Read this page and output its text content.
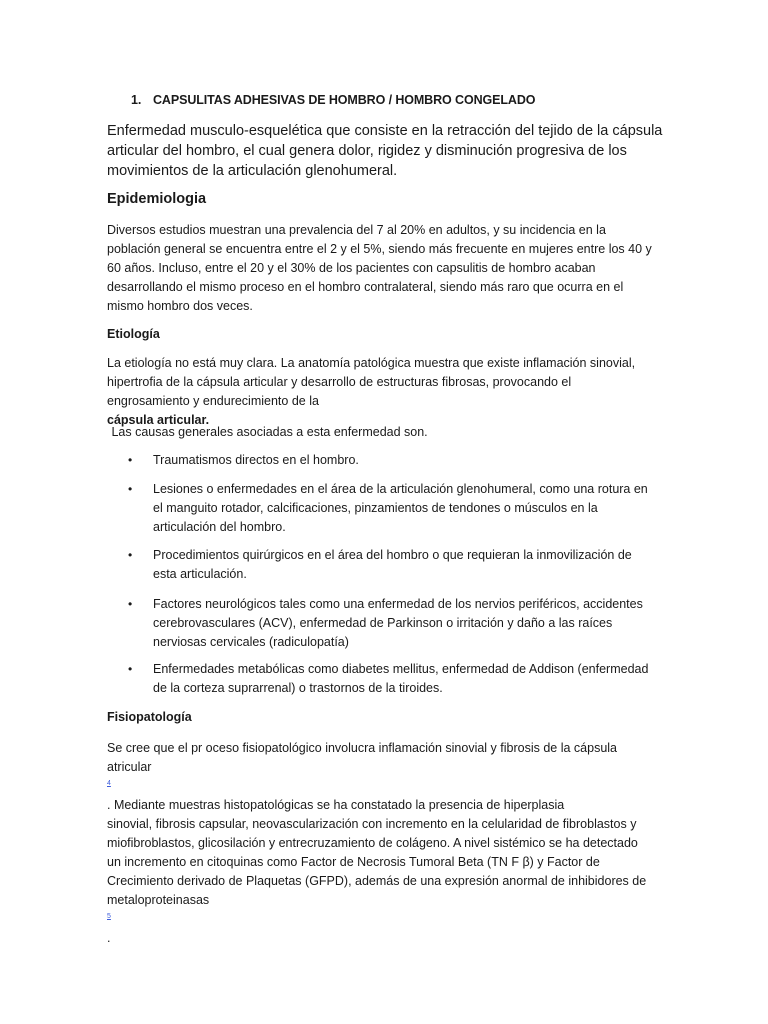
1. CAPSULITAS ADHESIVAS DE HOMBRO / HOMBRO CONGELADO
Enfermedad musculo-esquelética que consiste en la retracción del tejido de la cápsula
articular del hombro, el cual genera dolor, rigidez y disminución progresiva de los
movimientos de la articulación glenohumeral.
Epidemiologia
Diversos estudios muestran una prevalencia del 7 al 20% en adultos, y su incidencia en la
población general se encuentra entre el 2 y el 5%, siendo más frecuente en mujeres entre los 40 y
60 años. Incluso, entre el 20 y el 30% de los pacientes con capsulitis de hombro acaban
desarrollando el mismo proceso en el hombro contralateral, siendo más raro que ocurra en el
mismo hombro dos veces.
Etiología
La etiología no está muy clara. La anatomía patológica muestra que existe inflamación sinovial,
hipertrofia de la cápsula articular y desarrollo de estructuras fibrosas, provocando el
engrosamiento y endurecimiento de la
cápsula articular.
Las causas generales asociadas a esta enfermedad son.
• Traumatismos directos en el hombro.
• Lesiones o enfermedades en el área de la articulación glenohumeral, como una rotura en
el manguito rotador, calcificaciones, pinzamientos de tendones o músculos en la
articulación del hombro.
• Procedimientos quirúrgicos en el área del hombro o que requieran la inmovilización de
esta articulación.
• Factores neurológicos tales como una enfermedad de los nervios periféricos, accidentes
cerebrovasculares (ACV), enfermedad de Parkinson o irritación y daño a las raíces
nerviosas cervicales (radiculopatía)
• Enfermedades metabólicas como diabetes mellitus, enfermedad de Addison (enfermedad
de la corteza suprarrenal) o trastornos de la tiroides.
Fisiopatología
Se cree que el pr oceso fisiopatológico involucra inflamación sinovial y fibrosis de la cápsula
atricular
$^4$
. Mediante muestras histopatológicas se ha constatado la presencia de hiperplasia
sinovial, fibrosis capsular, neovascularización con incremento en la celularidad de fibroblastos y
miofibroblastos, glicosilación y entrecruzamiento de colágeno. A nivel sistémico se ha detectado
un incremento en citoquinas como Factor de Necrosis Tumoral Beta (TN F β) y Factor de
Crecimiento derivado de Plaquetas (GFPD), además de una expresión anormal de inhibidores de
metaloproteinasas
$^5$
.
